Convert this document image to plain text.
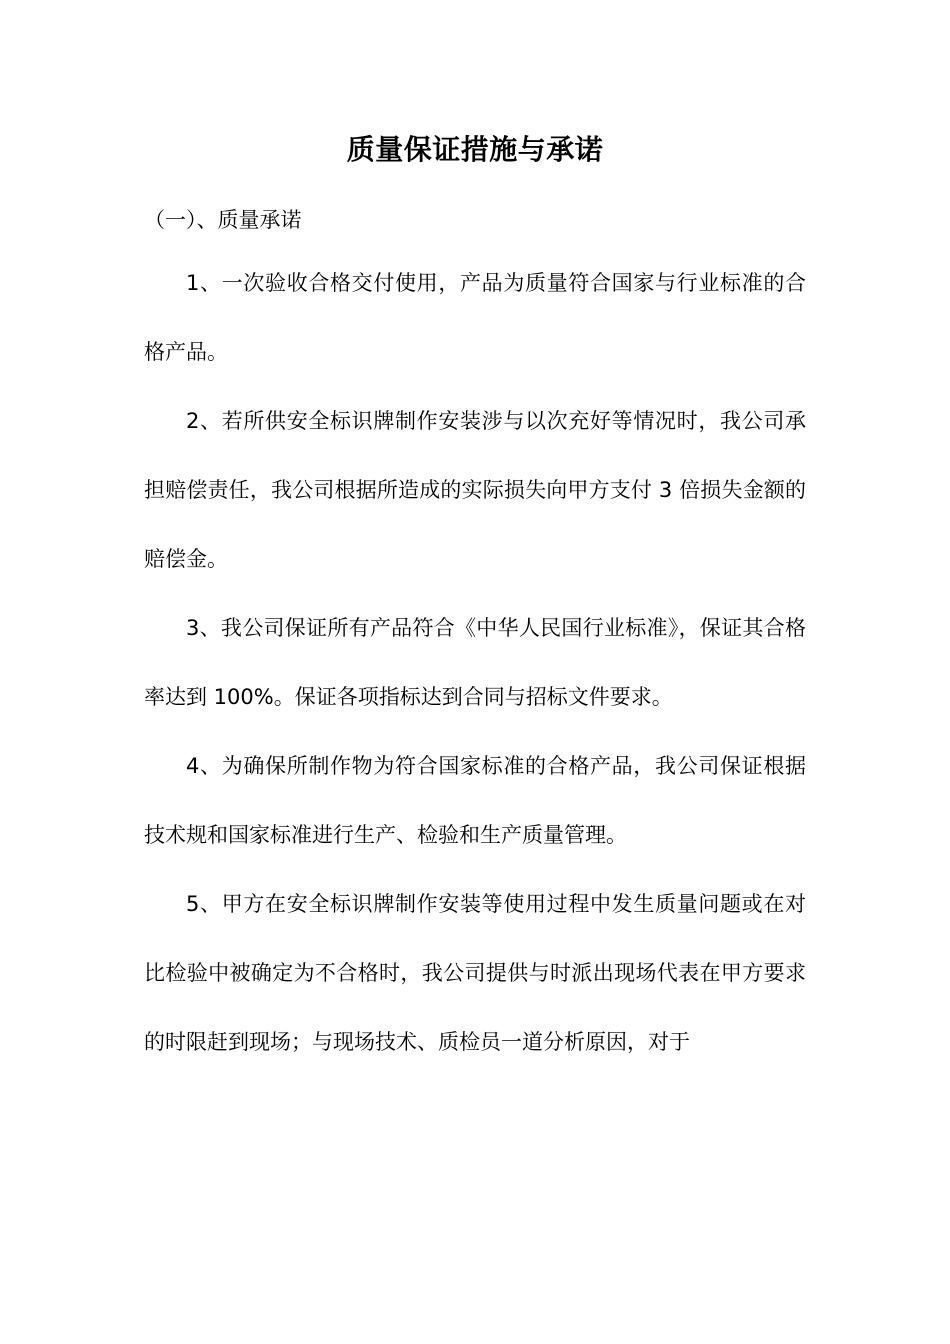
质量保证措施与承诺
（一）、质量承诺

1、一次验收合格交付使用，产品为质量符合国家与行业标准的合格产品。

2、若所供安全标识牌制作安装涉与以次充好等情况时，我公司承担赔偿责任，我公司根据所造成的实际损失向甲方支付 3 倍损失金额的赔偿金。

3、我公司保证所有产品符合《中华人民国行业标准》，保证其合格率达到 100%。保证各项指标达到合同与招标文件要求。

4、为确保所制作物为符合国家标准的合格产品，我公司保证根据技术规和国家标准进行生产、检验和生产质量管理。

5、甲方在安全标识牌制作安装等使用过程中发生质量问题或在对比检验中被确定为不合格时，我公司提供与时派出现场代表在甲方要求的时限赶到现场；与现场技术、质检员一道分析原因，对于
